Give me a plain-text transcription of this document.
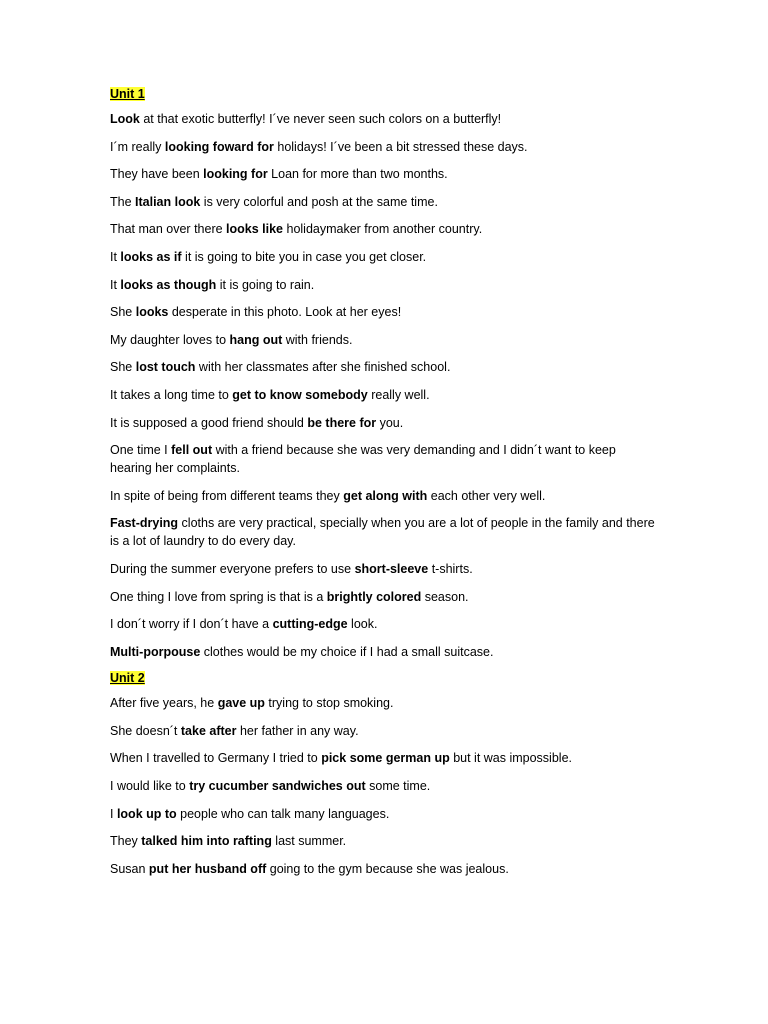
Unit 1

Look at that exotic butterfly! I´ve never seen such colors on a butterfly!

I´m really looking foward for holidays! I´ve been a bit stressed these days.

They have been looking for Loan for more than two months.

The Italian look is very colorful and posh at the same time.

That man over there looks like holidaymaker from another country.

It looks as if it is going to bite you in case you get closer.

It looks as though it is going to rain.

She looks desperate in this photo. Look at her eyes!

My daughter loves to hang out with friends.

She lost touch with her classmates after she finished school.

It takes a long time to get to know somebody really well.

It is supposed a good friend should be there for you.

One time I fell out with a friend because she was very demanding and I didn´t want to keep hearing her complaints.

In spite of being from different teams they get along with each other very well.

Fast-drying cloths are very practical, specially when you are a lot of people in the family and there is a lot of laundry to do every day.

During the summer everyone prefers to use short-sleeve t-shirts.

One thing I love from spring is that is a brightly colored season.

I don´t worry if I don´t have a cutting-edge look.

Multi-porpouse clothes would be my choice if I had a small suitcase.

Unit 2

After five years, he gave up trying to stop smoking.

She doesn´t take after her father in any way.

When I travelled to Germany I tried to pick some german up but it was impossible.

I would like to try cucumber sandwiches out some time.

I look up to people who can talk many languages.

They talked him into rafting last summer.

Susan put her husband off going to the gym because she was jealous.
